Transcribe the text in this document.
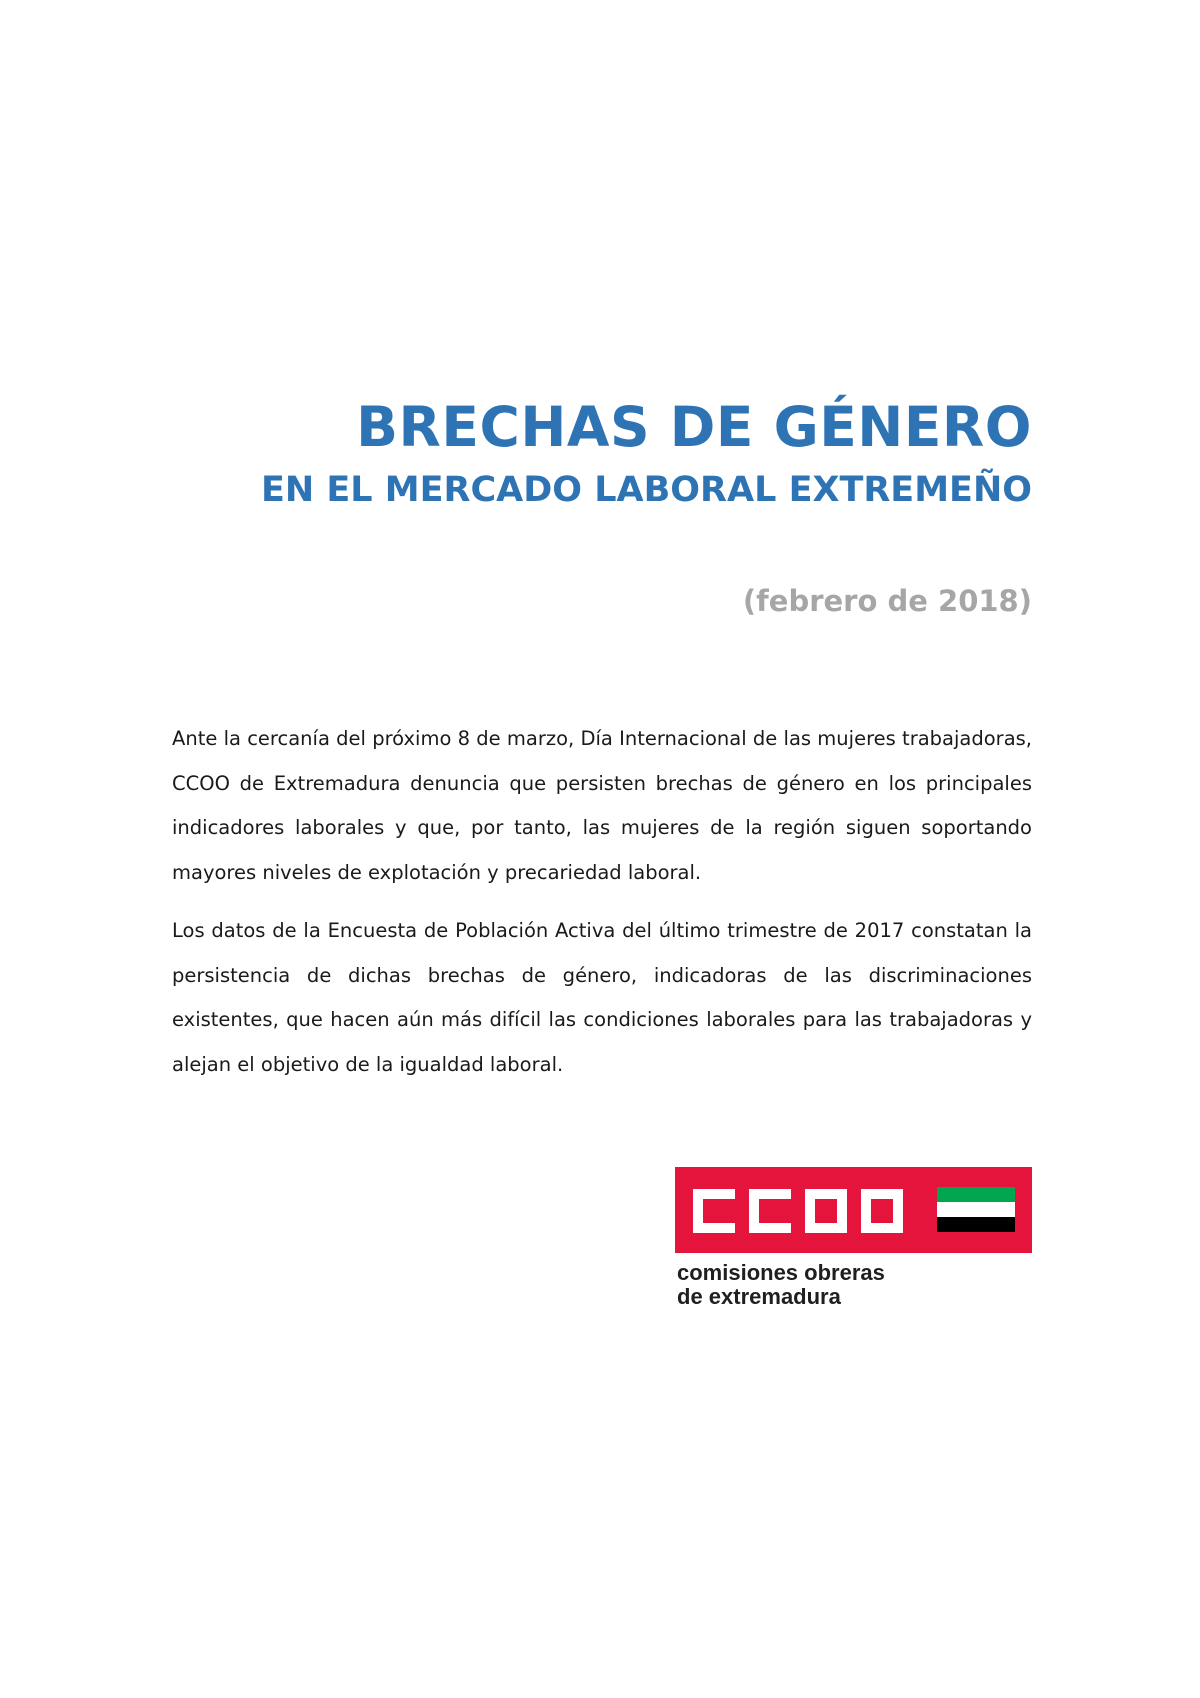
BRECHAS DE GÉNERO
EN EL MERCADO LABORAL EXTREMEÑO

(febrero de 2018)

Ante la cercanía del próximo 8 de marzo, Día Internacional de las mujeres trabajadoras, CCOO de Extremadura denuncia que persisten brechas de género en los principales indicadores laborales y que, por tanto, las mujeres de la región siguen soportando mayores niveles de explotación y precariedad laboral.

Los datos de la Encuesta de Población Activa del último trimestre de 2017 constatan la persistencia de dichas brechas de género, indicadoras de las discriminaciones existentes, que hacen aún más difícil las condiciones laborales para las trabajadoras y alejan el objetivo de la igualdad laboral.

comisiones obreras
de extremadura
